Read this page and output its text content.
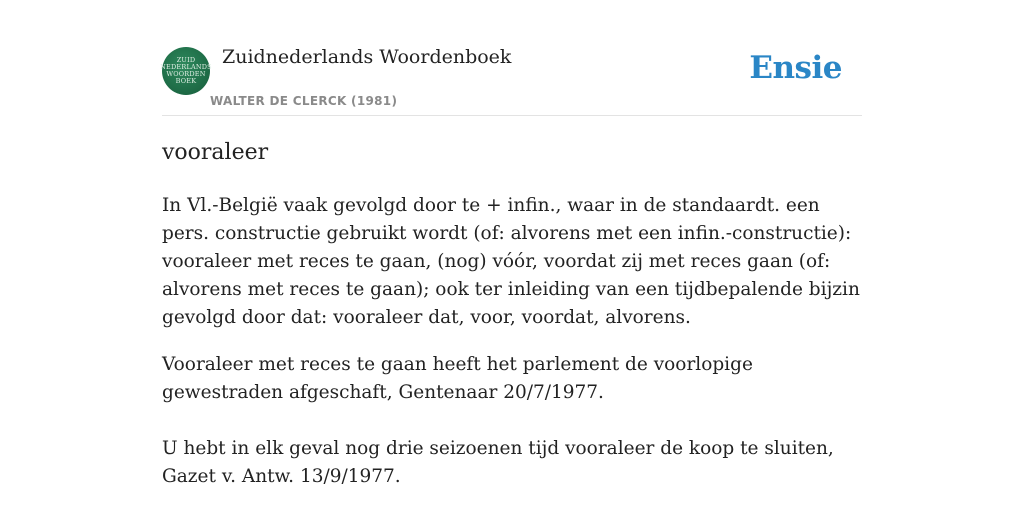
ZUID
NEDERLANDS
WOORDEN
BOEK
Zuidnederlands Woordenboek
WALTER DE CLERCK (1981)
Ensie
vooraleer

In Vl.-België vaak gevolgd door te + infin., waar in de standaardt. een pers. constructie gebruikt wordt (of: alvorens met een infin.-constructie): vooraleer met reces te gaan, (nog) vóór, voordat zij met reces gaan (of: alvorens met reces te gaan); ook ter inleiding van een tijdbepalende bijzin gevolgd door dat: vooraleer dat, voor, voordat, alvorens.

Vooraleer met reces te gaan heeft het parlement de voorlopige gewestraden afgeschaft, Gentenaar 20/7/1977.

U hebt in elk geval nog drie seizoenen tijd vooraleer de koop te sluiten, Gazet v. Antw. 13/9/1977.
